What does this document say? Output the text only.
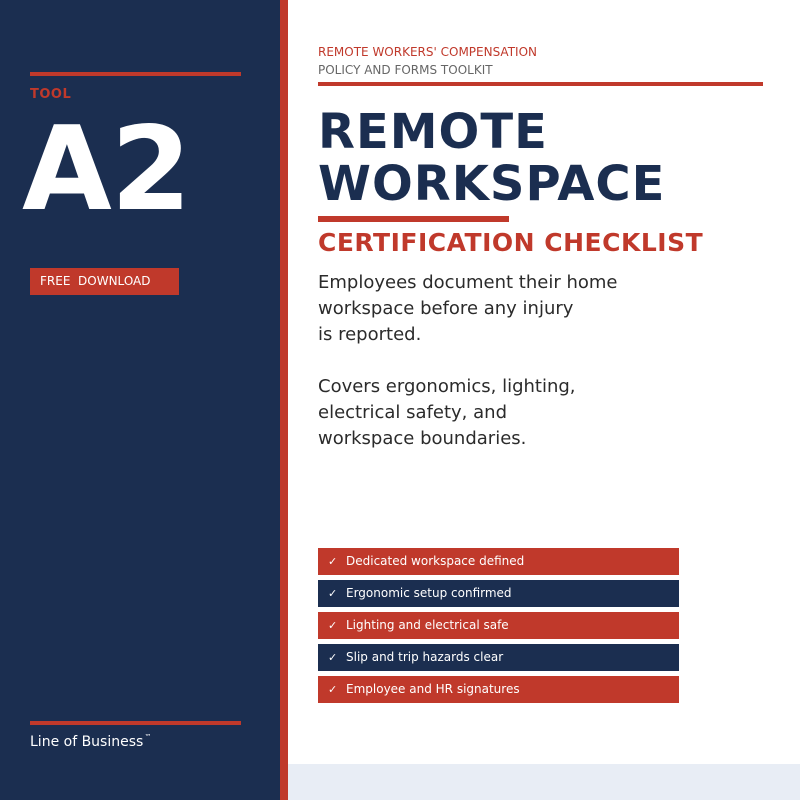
TOOL
A2
FREE  DOWNLOAD
Line of Business™
REMOTE WORKERS' COMPENSATION
POLICY AND FORMS TOOLKIT
REMOTE
WORKSPACE
CERTIFICATION CHECKLIST
Employees document their home
workspace before any injury
is reported.
Covers ergonomics, lighting,
electrical safety, and
workspace boundaries.
✓ Dedicated workspace defined
✓ Ergonomic setup confirmed
✓ Lighting and electrical safe
✓ Slip and trip hazards clear
✓ Employee and HR signatures
